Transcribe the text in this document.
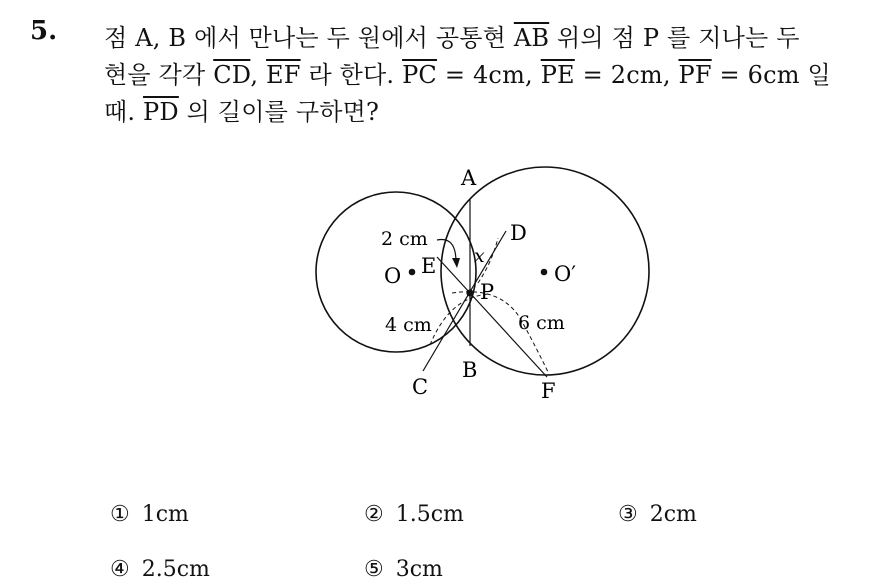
5. 점 A, B 에서 만나는 두 원에서 공통현 $\overline{AB}$ 위의 점 P 를 지나는 두
현을 각각 $\overline{CD}$, $\overline{EF}$ 라 한다. $\overline{PC} = 4cm$, $\overline{PE} = 2cm$, $\overline{PF} = 6cm$ 일
때. $\overline{PD}$ 의 길이를 구하면?
A
B
C
D
E
F
P
O	O′
x
2 cm
4 cm	6 cm
① 1cm	② 1.5cm	③ 2cm
④ 2.5cm	⑤ 3cm
